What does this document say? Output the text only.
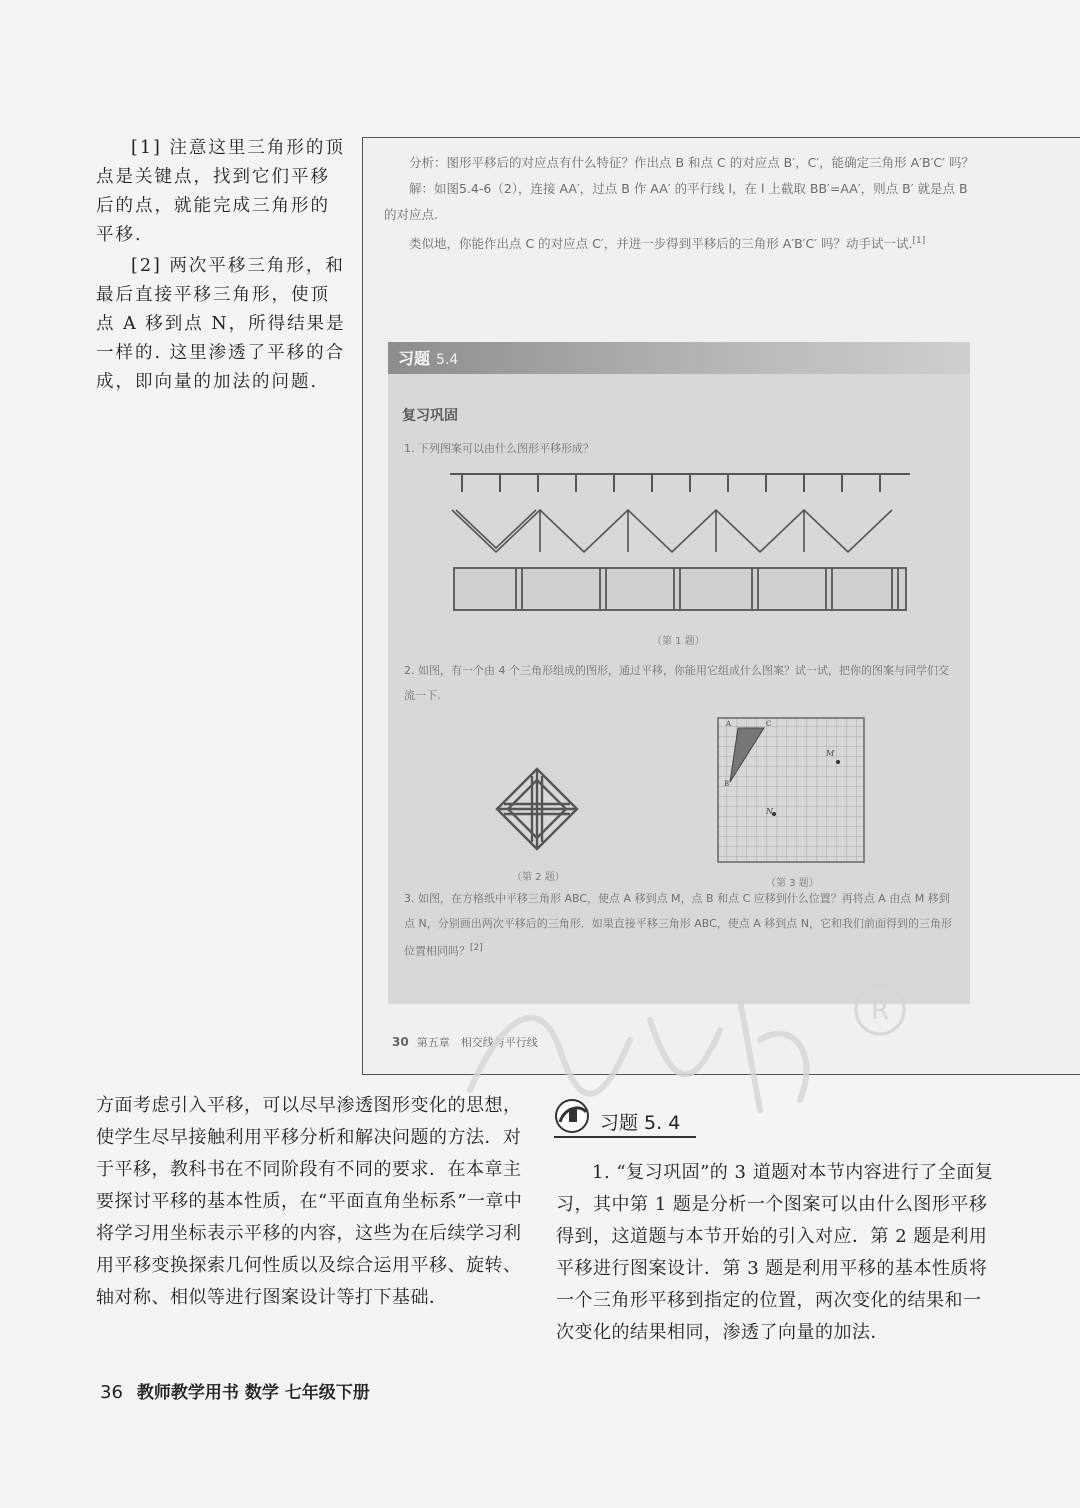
[1] 注意这里三角形的顶点是关键点，找到它们平移后的点，就能完成三角形的平移.

[2] 两次平移三角形，和最后直接平移三角形，使顶点 A 移到点 N，所得结果是一样的. 这里渗透了平移的合成，即向量的加法的问题.

分析：图形平移后的对应点有什么特征？作出点 B 和点 C 的对应点 B′，C′，能确定三角形 A′B′C′ 吗？

解：如图5.4-6（2），连接 AA′，过点 B 作 AA′ 的平行线 l，在 l 上截取 BB′=AA′，则点 B′ 就是点 B 的对应点.

类似地，你能作出点 C 的对应点 C′，并进一步得到平移后的三角形 A′B′C′ 吗？动手试一试.[1]

习题 5.4
复习巩固
1. 下列图案可以由什么图形平移形成？
（第 1 题）
2. 如图，有一个由 4 个三角形组成的图形，通过平移，你能用它组成什么图案？试一试，把你的图案与同学们交流一下.
（第 2 题）
A	C
B
M
N
（第 3 题）
3. 如图，在方格纸中平移三角形 ABC，使点 A 移到点 M，点 B 和点 C 应移到什么位置？再将点 A 由点 M 移到点 N，分别画出两次平移后的三角形．如果直接平移三角形 ABC，使点 A 移到点 N，它和我们前面得到的三角形位置相同吗？[2]
30 第五章　相交线与平行线
R

方面考虑引入平移，可以尽早渗透图形变化的思想，使学生尽早接触利用平移分析和解决问题的方法．对于平移，教科书在不同阶段有不同的要求．在本章主要探讨平移的基本性质，在“平面直角坐标系”一章中将学习用坐标表示平移的内容，这些为在后续学习利用平移变换探索几何性质以及综合运用平移、旋转、轴对称、相似等进行图案设计等打下基础．

习题 5. 4

1. “复习巩固”的 3 道题对本节内容进行了全面复习，其中第 1 题是分析一个图案可以由什么图形平移得到，这道题与本节开始的引入对应．第 2 题是利用平移进行图案设计．第 3 题是利用平移的基本性质将一个三角形平移到指定的位置，两次变化的结果和一次变化的结果相同，渗透了向量的加法．

36 教师教学用书 数学 七年级下册
